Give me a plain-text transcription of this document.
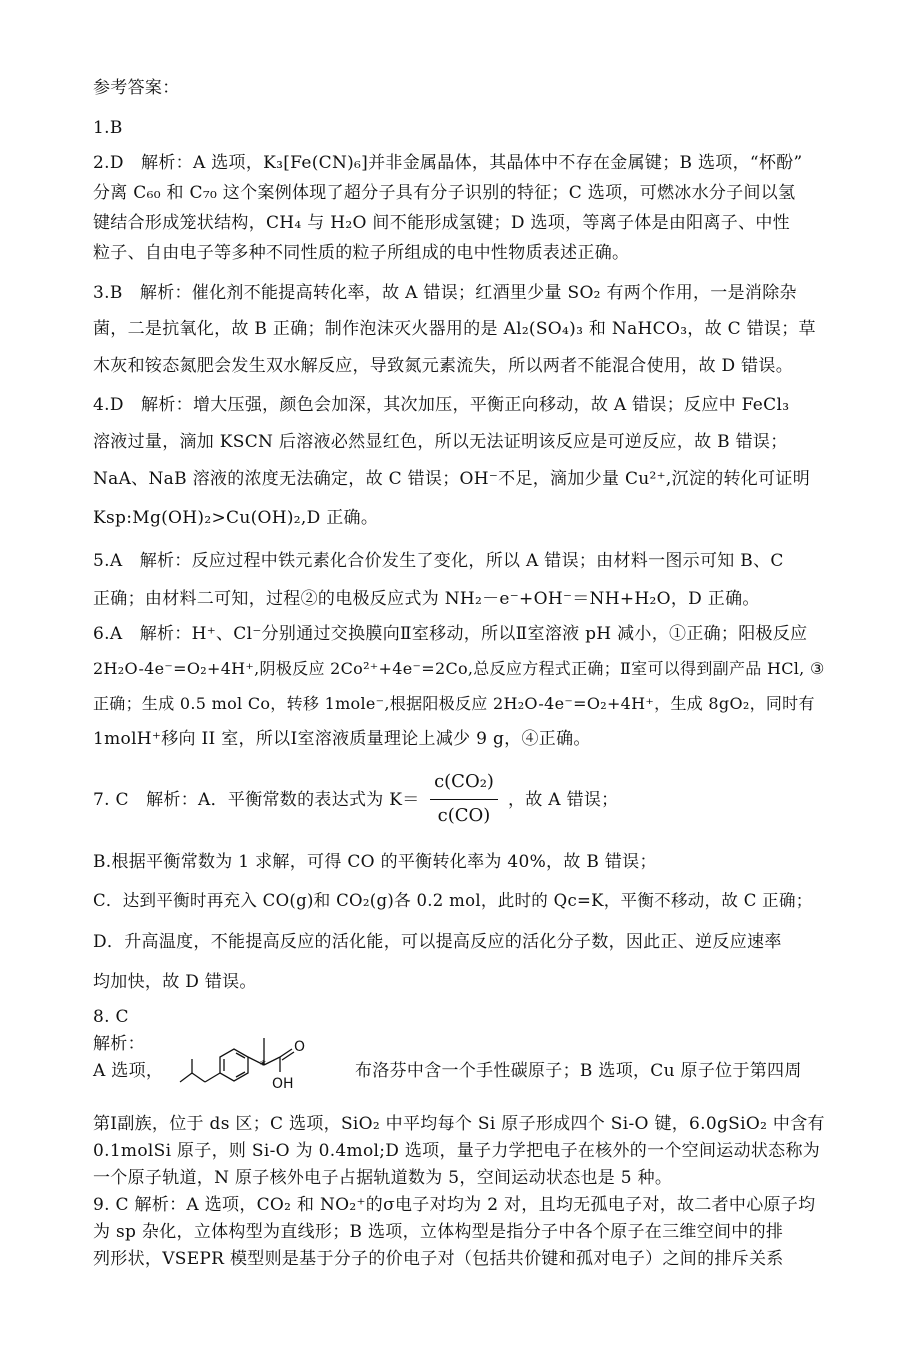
参考答案：
1.B
2.D　解析：A 选项，K₃[Fe(CN)₆]并非金属晶体，其晶体中不存在金属键；B 选项，“杯酚”
分离 C₆₀ 和 C₇₀ 这个案例体现了超分子具有分子识别的特征；C 选项，可燃冰水分子间以氢
键结合形成笼状结构，CH₄ 与 H₂O 间不能形成氢键；D 选项，等离子体是由阳离子、中性
粒子、自由电子等多种不同性质的粒子所组成的电中性物质表述正确。
3.B　解析：催化剂不能提高转化率，故 A 错误；红酒里少量 SO₂ 有两个作用，一是消除杂
菌，二是抗氧化，故 B 正确；制作泡沫灭火器用的是 Al₂(SO₄)₃ 和 NaHCO₃，故 C 错误；草
木灰和铵态氮肥会发生双水解反应，导致氮元素流失，所以两者不能混合使用，故 D 错误。
4.D　解析：增大压强，颜色会加深，其次加压，平衡正向移动，故 A 错误；反应中 FeCl₃
溶液过量，滴加 KSCN 后溶液必然显红色，所以无法证明该反应是可逆反应，故 B 错误；
NaA、NaB 溶液的浓度无法确定，故 C 错误；OH⁻不足，滴加少量 Cu²⁺,沉淀的转化可证明
Ksp:Mg(OH)₂>Cu(OH)₂,D 正确。
5.A　解析：反应过程中铁元素化合价发生了变化，所以 A 错误；由材料一图示可知 B、C
正确；由材料二可知，过程②的电极反应式为 NH₂－e⁻+OH⁻＝NH+H₂O，D 正确。
6.A　解析：H⁺、Cl⁻分别通过交换膜向Ⅱ室移动，所以Ⅱ室溶液 pH 减小，①正确；阳极反应
2H₂O-4e⁻=O₂+4H⁺,阴极反应 2Co²⁺+4e⁻=2Co,总反应方程式正确；Ⅱ室可以得到副产品 HCl, ③
正确；生成 0.5 mol Co，转移 1mole⁻,根据阳极反应 2H₂O-4e⁻=O₂+4H⁺，生成 8gO₂，同时有
1molH⁺移向 II 室，所以Ⅰ室溶液质量理论上减少 9 g，④正确。
7. C　解析：A．平衡常数的表达式为 K＝
c(CO₂)
c(CO)
，故 A 错误；
B.根据平衡常数为 1 求解，可得 CO 的平衡转化率为 40%，故 B 错误；
C．达到平衡时再充入 CO(g)和 CO₂(g)各 0.2 mol，此时的 Qc=K，平衡不移动，故 C 正确；
D．升高温度，不能提高反应的活化能，可以提高反应的活化分子数，因此正、逆反应速率
均加快，故 D 错误。
8. C
解析：
A 选项，	*
O
OH
布洛芬中含一个手性碳原子；B 选项，Cu 原子位于第四周
第Ⅰ副族，位于 ds 区；C 选项，SiO₂ 中平均每个 Si 原子形成四个 Si-O 键，6.0gSiO₂ 中含有
0.1molSi 原子，则 Si-O 为 0.4mol;D 选项，量子力学把电子在核外的一个空间运动状态称为
一个原子轨道，N 原子核外电子占据轨道数为 5，空间运动状态也是 5 种。
9. C 解析：A 选项，CO₂ 和 NO₂⁺的σ电子对均为 2 对，且均无孤电子对，故二者中心原子均
为 sp 杂化，立体构型为直线形；B 选项，立体构型是指分子中各个原子在三维空间中的排
列形状，VSEPR 模型则是基于分子的价电子对（包括共价键和孤对电子）之间的排斥关系
